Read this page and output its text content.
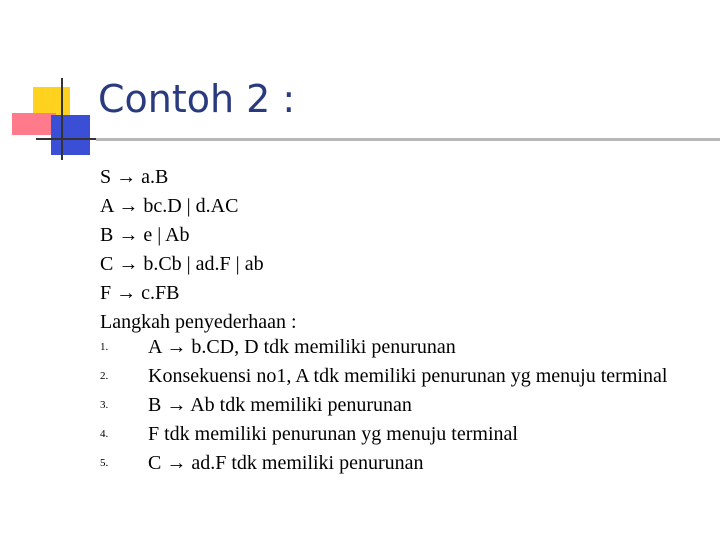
Contoh 2 :
S → a.B
A → bc.D | d.AC
B → e | Ab
C → b.Cb | ad.F | ab
F → c.FB
Langkah penyederhaan :
1.	A → b.CD, D tdk memiliki penurunan
2.	Konsekuensi no1, A tdk memiliki penurunan yg menuju terminal
3.	B → Ab tdk memiliki penurunan
4.	F tdk memiliki penurunan yg menuju terminal
5.	C → ad.F tdk memiliki penurunan
